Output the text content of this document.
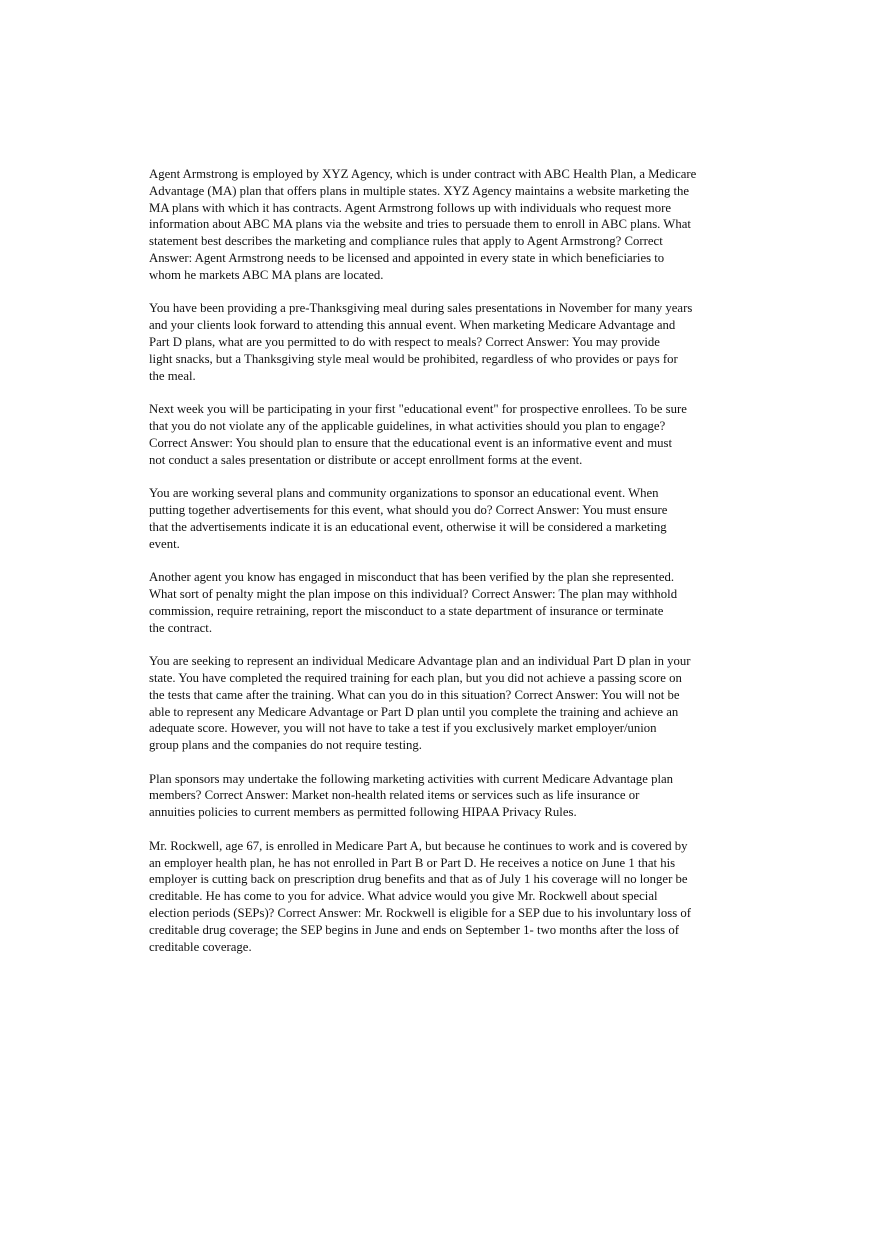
Agent Armstrong is employed by XYZ Agency, which is under contract with ABC Health Plan, a Medicare
Advantage (MA) plan that offers plans in multiple states. XYZ Agency maintains a website marketing the
MA plans with which it has contracts. Agent Armstrong follows up with individuals who request more
information about ABC MA plans via the website and tries to persuade them to enroll in ABC plans. What
statement best describes the marketing and compliance rules that apply to Agent Armstrong? Correct
Answer: Agent Armstrong needs to be licensed and appointed in every state in which beneficiaries to
whom he markets ABC MA plans are located.

You have been providing a pre-Thanksgiving meal during sales presentations in November for many years
and your clients look forward to attending this annual event. When marketing Medicare Advantage and
Part D plans, what are you permitted to do with respect to meals? Correct Answer: You may provide
light snacks, but a Thanksgiving style meal would be prohibited, regardless of who provides or pays for
the meal.

Next week you will be participating in your first "educational event" for prospective enrollees. To be sure
that you do not violate any of the applicable guidelines, in what activities should you plan to engage?
Correct Answer: You should plan to ensure that the educational event is an informative event and must
not conduct a sales presentation or distribute or accept enrollment forms at the event.

You are working several plans and community organizations to sponsor an educational event. When
putting together advertisements for this event, what should you do? Correct Answer: You must ensure
that the advertisements indicate it is an educational event, otherwise it will be considered a marketing
event.

Another agent you know has engaged in misconduct that has been verified by the plan she represented.
What sort of penalty might the plan impose on this individual? Correct Answer: The plan may withhold
commission, require retraining, report the misconduct to a state department of insurance or terminate
the contract.

You are seeking to represent an individual Medicare Advantage plan and an individual Part D plan in your
state. You have completed the required training for each plan, but you did not achieve a passing score on
the tests that came after the training. What can you do in this situation? Correct Answer: You will not be
able to represent any Medicare Advantage or Part D plan until you complete the training and achieve an
adequate score. However, you will not have to take a test if you exclusively market employer/union
group plans and the companies do not require testing.

Plan sponsors may undertake the following marketing activities with current Medicare Advantage plan
members? Correct Answer: Market non-health related items or services such as life insurance or
annuities policies to current members as permitted following HIPAA Privacy Rules.

Mr. Rockwell, age 67, is enrolled in Medicare Part A, but because he continues to work and is covered by
an employer health plan, he has not enrolled in Part B or Part D. He receives a notice on June 1 that his
employer is cutting back on prescription drug benefits and that as of July 1 his coverage will no longer be
creditable. He has come to you for advice. What advice would you give Mr. Rockwell about special
election periods (SEPs)? Correct Answer: Mr. Rockwell is eligible for a SEP due to his involuntary loss of
creditable drug coverage; the SEP begins in June and ends on September 1- two months after the loss of
creditable coverage.
